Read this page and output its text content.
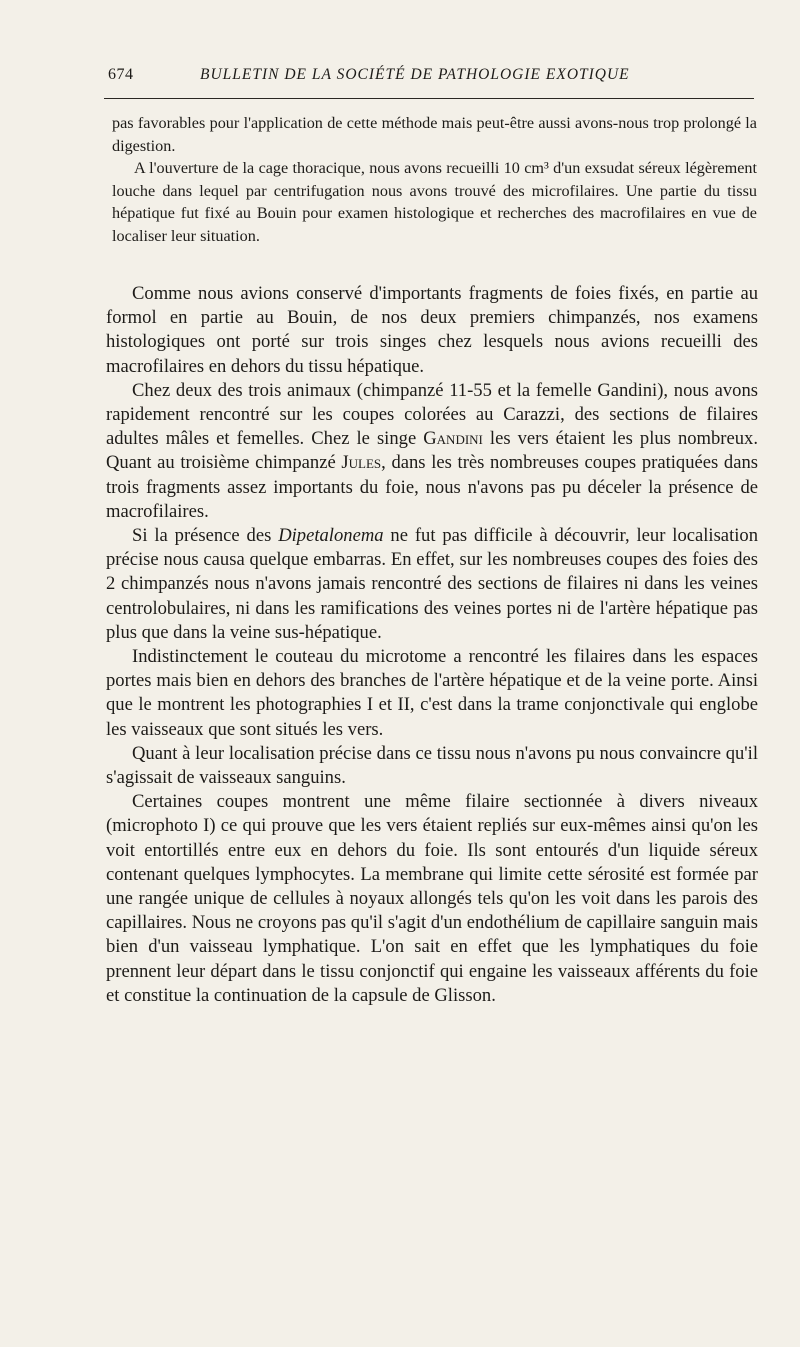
674	BULLETIN DE LA SOCIÉTÉ DE PATHOLOGIE EXOTIQUE

pas favorables pour l'application de cette méthode mais peut-être aussi avons-nous trop prolongé la digestion.

A l'ouverture de la cage thoracique, nous avons recueilli 10 cm³ d'un exsudat séreux légèrement louche dans lequel par centrifugation nous avons trouvé des microfilaires. Une partie du tissu hépatique fut fixé au Bouin pour examen histologique et recherches des macrofilaires en vue de localiser leur situation.

Comme nous avions conservé d'importants fragments de foies fixés, en partie au formol en partie au Bouin, de nos deux premiers chimpanzés, nos examens histologiques ont porté sur trois singes chez lesquels nous avions recueilli des macrofilaires en dehors du tissu hépatique.

Chez deux des trois animaux (chimpanzé 11-55 et la femelle Gandini), nous avons rapidement rencontré sur les coupes colorées au Carazzi, des sections de filaires adultes mâles et femelles. Chez le singe Gandini les vers étaient les plus nombreux. Quant au troisième chimpanzé Jules, dans les très nombreuses coupes pratiquées dans trois fragments assez importants du foie, nous n'avons pas pu déceler la présence de macrofilaires.

Si la présence des Dipetalonema ne fut pas difficile à découvrir, leur localisation précise nous causa quelque embarras. En effet, sur les nombreuses coupes des foies des 2 chimpanzés nous n'avons jamais rencontré des sections de filaires ni dans les veines centrolobulaires, ni dans les ramifications des veines portes ni de l'artère hépatique pas plus que dans la veine sus-hépatique.

Indistinctement le couteau du microtome a rencontré les filaires dans les espaces portes mais bien en dehors des branches de l'artère hépatique et de la veine porte. Ainsi que le montrent les photographies I et II, c'est dans la trame conjonctivale qui englobe les vaisseaux que sont situés les vers.

Quant à leur localisation précise dans ce tissu nous n'avons pu nous convaincre qu'il s'agissait de vaisseaux sanguins.

Certaines coupes montrent une même filaire sectionnée à divers niveaux (microphoto I) ce qui prouve que les vers étaient repliés sur eux-mêmes ainsi qu'on les voit entortillés entre eux en dehors du foie. Ils sont entourés d'un liquide séreux contenant quelques lymphocytes. La membrane qui limite cette sérosité est formée par une rangée unique de cellules à noyaux allongés tels qu'on les voit dans les parois des capillaires. Nous ne croyons pas qu'il s'agit d'un endothélium de capillaire sanguin mais bien d'un vaisseau lymphatique. L'on sait en effet que les lymphatiques du foie prennent leur départ dans le tissu conjonctif qui engaine les vaisseaux afférents du foie et constitue la continuation de la capsule de Glisson.
